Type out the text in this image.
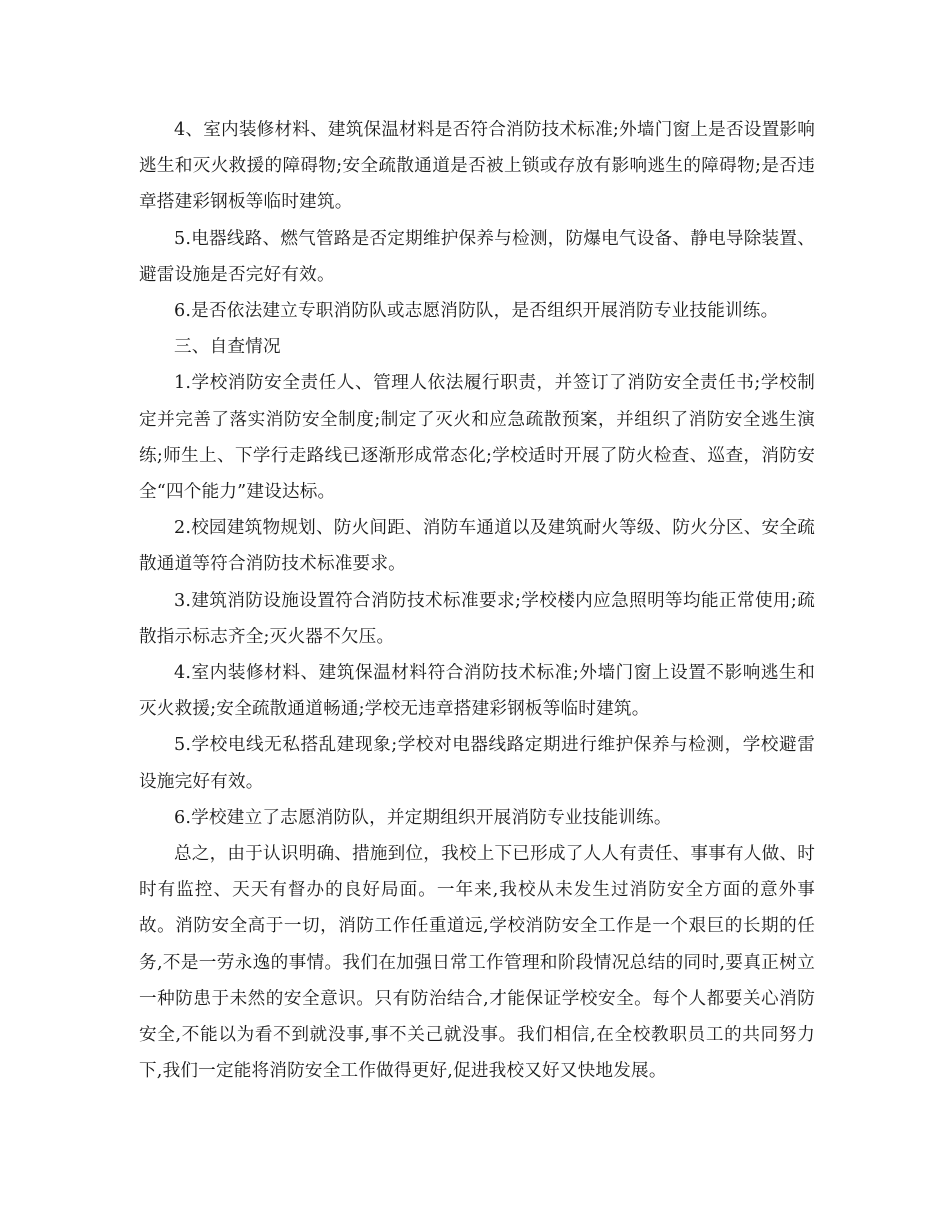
4、室内装修材料、建筑保温材料是否符合消防技术标准;外墙门窗上是否设置影响逃生和灭火救援的障碍物;安全疏散通道是否被上锁或存放有影响逃生的障碍物;是否违章搭建彩钢板等临时建筑。

5.电器线路、燃气管路是否定期维护保养与检测，防爆电气设备、静电导除装置、避雷设施是否完好有效。

6.是否依法建立专职消防队或志愿消防队，是否组织开展消防专业技能训练。

三、自查情况

1.学校消防安全责任人、管理人依法履行职责，并签订了消防安全责任书;学校制定并完善了落实消防安全制度;制定了灭火和应急疏散预案，并组织了消防安全逃生演练;师生上、下学行走路线已逐渐形成常态化;学校适时开展了防火检查、巡查，消防安全“四个能力”建设达标。

2.校园建筑物规划、防火间距、消防车通道以及建筑耐火等级、防火分区、安全疏散通道等符合消防技术标准要求。

3.建筑消防设施设置符合消防技术标准要求;学校楼内应急照明等均能正常使用;疏散指示标志齐全;灭火器不欠压。

4.室内装修材料、建筑保温材料符合消防技术标准;外墙门窗上设置不影响逃生和灭火救援;安全疏散通道畅通;学校无违章搭建彩钢板等临时建筑。

5.学校电线无私搭乱建现象;学校对电器线路定期进行维护保养与检测，学校避雷设施完好有效。

6.学校建立了志愿消防队，并定期组织开展消防专业技能训练。

总之，由于认识明确、措施到位，我校上下已形成了人人有责任、事事有人做、时时有监控、天天有督办的良好局面。一年来,我校从未发生过消防安全方面的意外事故。消防安全高于一切，消防工作任重道远,学校消防安全工作是一个艰巨的长期的任务,不是一劳永逸的事情。我们在加强日常工作管理和阶段情况总结的同时,要真正树立一种防患于未然的安全意识。只有防治结合,才能保证学校安全。每个人都要关心消防安全,不能以为看不到就没事,事不关己就没事。我们相信,在全校教职员工的共同努力下,我们一定能将消防安全工作做得更好,促进我校又好又快地发展。
